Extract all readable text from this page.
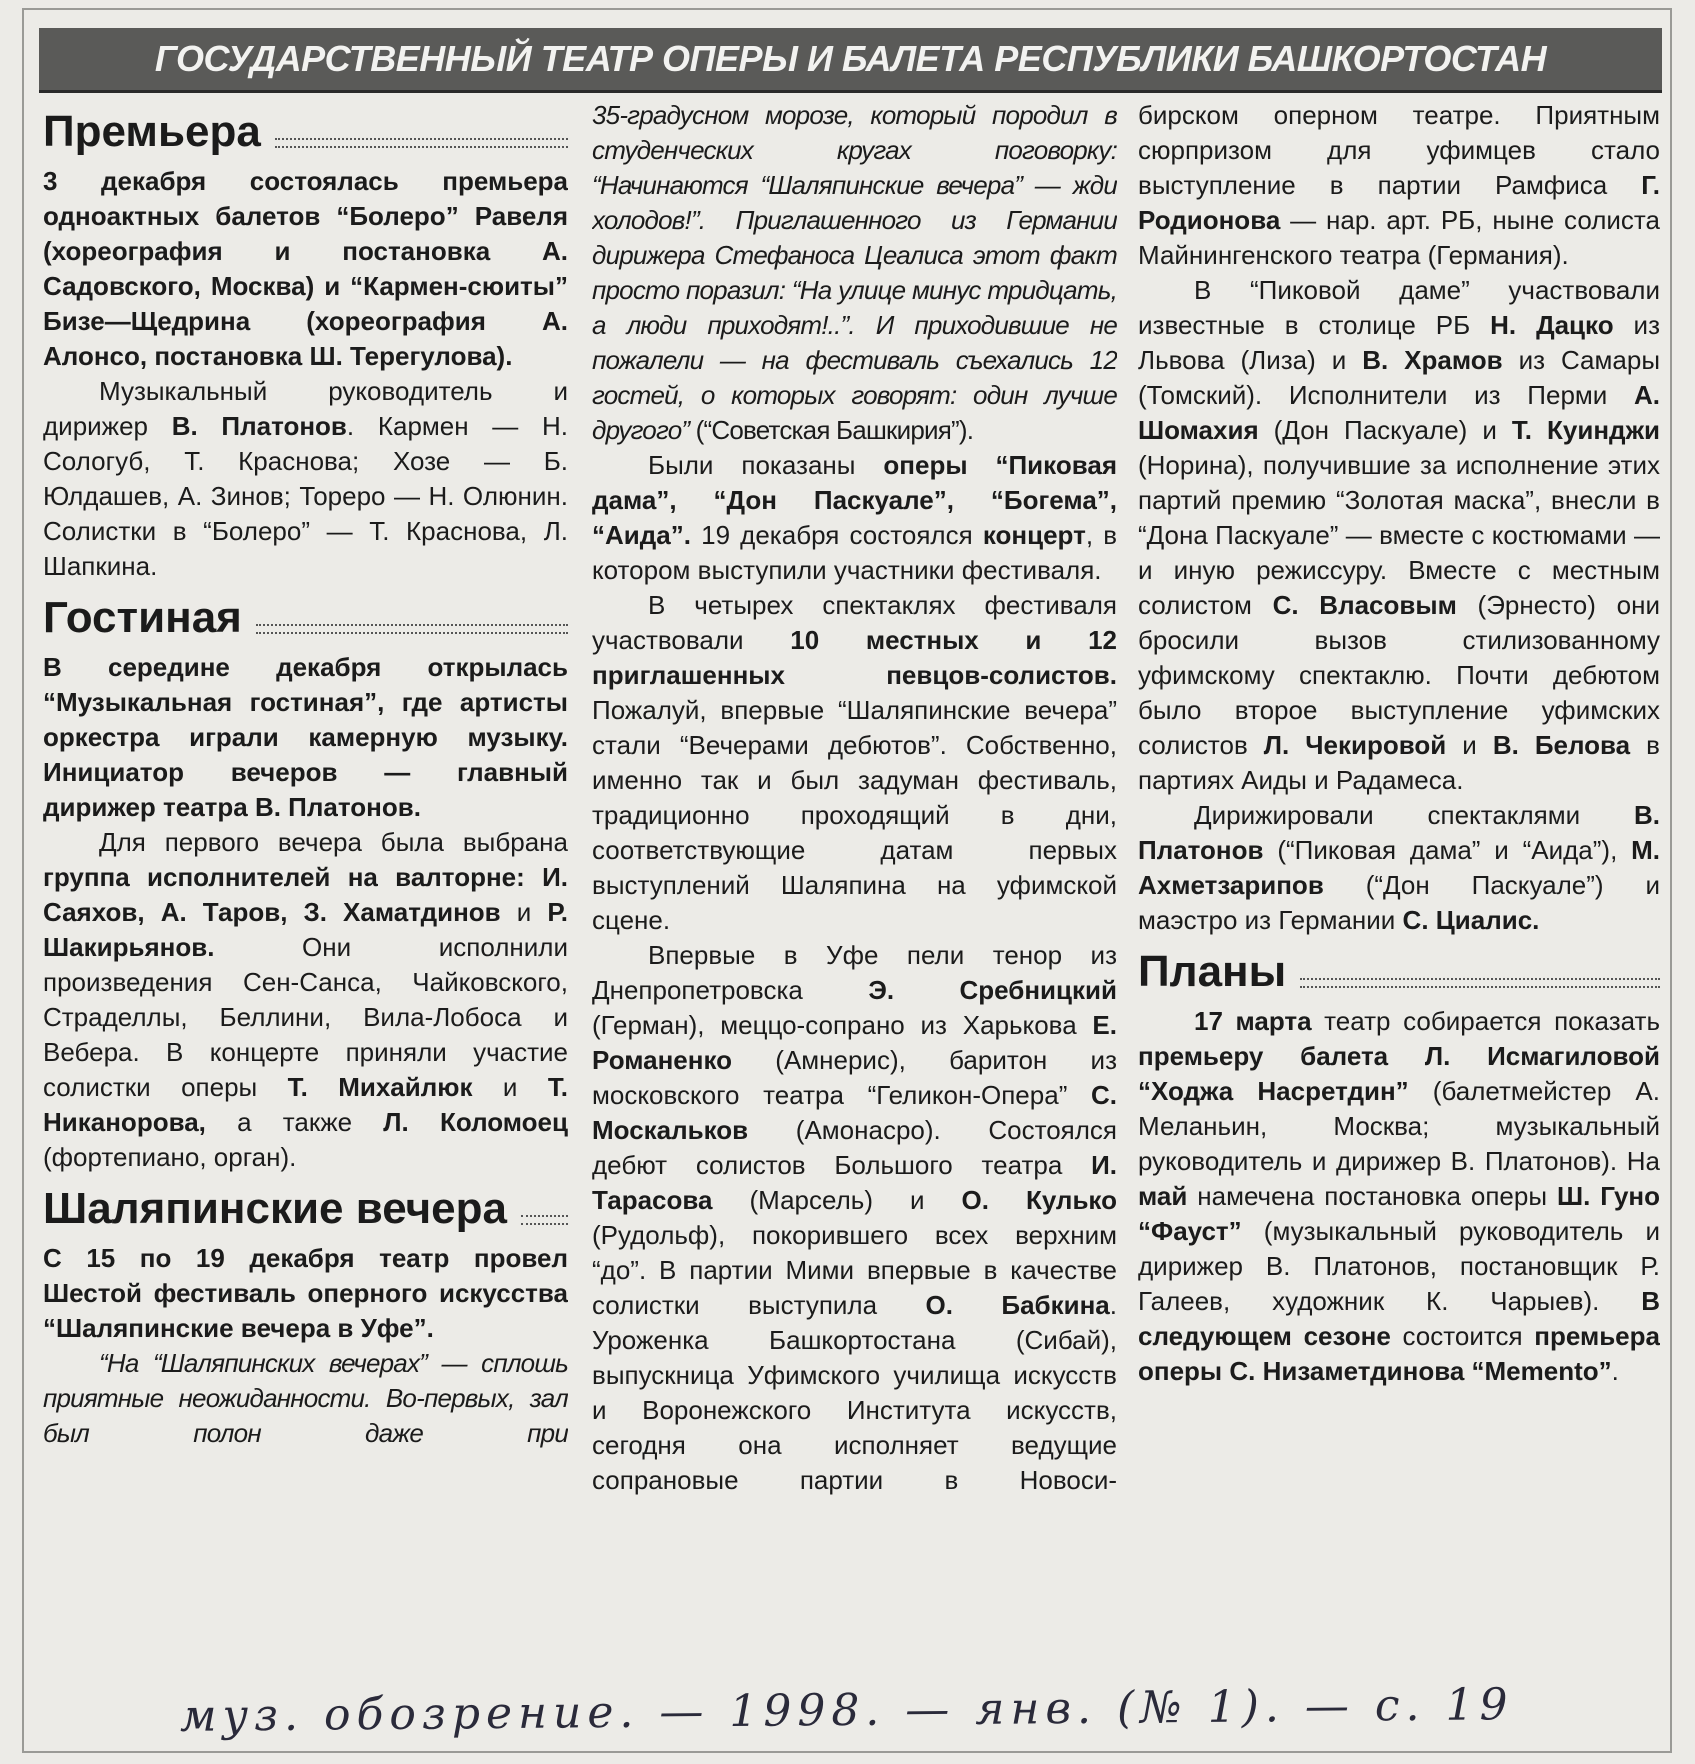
ГОСУДАРСТВЕННЫЙ ТЕАТР ОПЕРЫ И БАЛЕТА РЕСПУБЛИКИ БАШКОРТОСТАН
Премьера

3 декабря состоялась премьера одноактных балетов “Болеро” Равеля (хореография и постановка А. Садовского, Москва) и “Кармен-сюиты” Бизе—Щедрина (хореография А. Алонсо, постановка Ш. Терегулова).

Музыкальный руководитель и дирижер В. Платонов. Кармен — Н. Сологуб, Т. Краснова; Хозе — Б. Юлдашев, А. Зинов; Тореро — Н. Олюнин. Солистки в “Болеро” — Т. Краснова, Л. Шапкина.

Гостиная

В середине декабря открылась “Музыкальная гостиная”, где артисты оркестра играли камерную музыку. Инициатор вечеров — главный дирижер театра В. Платонов.

Для первого вечера была выбрана группа исполнителей на валторне: И. Саяхов, А. Таров, З. Хаматдинов и Р. Шакирьянов. Они исполнили произведения Сен-Санса, Чайковского, Страделлы, Беллини, Вила-Лобоса и Вебера. В концерте приняли участие солистки оперы Т. Михайлюк и Т. Никанорова, а также Л. Коломоец (фортепиано, орган).

Шаляпинские вечера

С 15 по 19 декабря театр провел Шестой фестиваль оперного искусства “Шаляпинские вечера в Уфе”.

“На “Шаляпинских вечерах” — сплошь приятные неожиданности. Во-первых, зал был полон даже при

35-градусном морозе, который породил в студенческих кругах поговорку: “Начинаются “Шаляпинские вечера” — жди холодов!”. Приглашенного из Германии дирижера Стефаноса Цеалиса этот факт просто поразил: “На улице минус тридцать, а люди приходят!..”. И приходившие не пожалели — на фестиваль съехались 12 гостей, о которых говорят: один лучше другого” (“Советская Башкирия”).

Были показаны оперы “Пиковая дама”, “Дон Паскуале”, “Богема”, “Аида”. 19 декабря состоялся концерт, в котором выступили участники фестиваля.

В четырех спектаклях фестиваля участвовали 10 местных и 12 приглашенных певцов-солистов. Пожалуй, впервые “Шаляпинские вечера” стали “Вечерами дебютов”. Собственно, именно так и был задуман фестиваль, традиционно проходящий в дни, соответствующие датам первых выступлений Шаляпина на уфимской сцене.

Впервые в Уфе пели тенор из Днепропетровска Э. Сребницкий (Герман), меццо-сопрано из Харькова Е. Романенко (Амнерис), баритон из московского театра “Геликон-Опера” С. Москальков (Амонасро). Состоялся дебют солистов Большого театра И. Тарасова (Марсель) и О. Кулько (Рудольф), покорившего всех верхним “до”. В партии Мими впервые в качестве солистки выступила О. Бабкина. Уроженка Башкортостана (Сибай), выпускница Уфимского училища искусств и Воронежского Института искусств, сегодня она исполняет ведущие сопрановые партии в Новоси-

бирском оперном театре. Приятным сюрпризом для уфимцев стало выступление в партии Рамфиса Г. Родионова — нар. арт. РБ, ныне солиста Майнингенского театра (Германия).

В “Пиковой даме” участвовали известные в столице РБ Н. Дацко из Львова (Лиза) и В. Храмов из Самары (Томский). Исполнители из Перми А. Шомахия (Дон Паскуале) и Т. Куинджи (Норина), получившие за исполнение этих партий премию “Золотая маска”, внесли в “Дона Паскуале” — вместе с костюмами — и иную режиссуру. Вместе с местным солистом С. Власовым (Эрнесто) они бросили вызов стилизованному уфимскому спектаклю. Почти дебютом было второе выступление уфимских солистов Л. Чекировой и В. Белова в партиях Аиды и Радамеса.

Дирижировали спектаклями В. Платонов (“Пиковая дама” и “Аида”), М. Ахметзарипов (“Дон Паскуале”) и маэстро из Германии С. Циалис.

Планы

17 марта театр собирается показать премьеру балета Л. Исмагиловой “Ходжа Насретдин” (балетмейстер А. Меланьин, Москва; музыкальный руководитель и дирижер В. Платонов). На май намечена постановка оперы Ш. Гуно “Фауст” (музыкальный руководитель и дирижер В. Платонов, постановщик Р. Галеев, художник К. Чарыев). В следующем сезоне состоится премьера оперы С. Низаметдинова “Memento”.

муз. обозрение. — 1998. — янв. (№ 1). — с. 19
